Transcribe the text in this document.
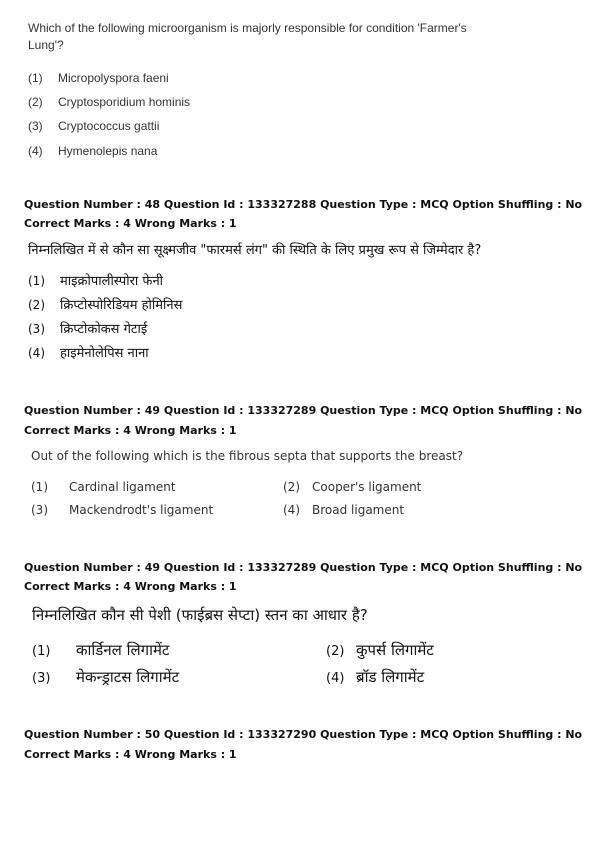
Which of the following microorganism is majorly responsible for condition 'Farmer's Lung'?
(1) Micropolyspora faeni
(2) Cryptosporidium hominis
(3) Cryptococcus gattii
(4) Hymenolepis nana
Question Number : 48 Question Id : 133327288 Question Type : MCQ Option Shuffling : No
Correct Marks : 4 Wrong Marks : 1
निम्नलिखित में से कौन सा सूक्ष्मजीव "फारमर्स लंग" की स्थिति के लिए प्रमुख रूप से जिम्मेदार है?
(1) माइक्रोपालीस्पोरा फेनी
(2) क्रिप्टोस्पोरिडियम होमिनिस
(3) क्रिप्टोकोकस गेटाई
(4) हाइमेनोलेपिस नाना
Question Number : 49 Question Id : 133327289 Question Type : MCQ Option Shuffling : No
Correct Marks : 4 Wrong Marks : 1
Out of the following which is the fibrous septa that supports the breast?
(1) Cardinal ligament	(2) Cooper's ligament
(3) Mackendrodt's ligament	(4) Broad ligament
Question Number : 49 Question Id : 133327289 Question Type : MCQ Option Shuffling : No
Correct Marks : 4 Wrong Marks : 1
निम्नलिखित कौन सी पेशी (फाईब्रस सेप्टा) स्तन का आधार है?
(1) कार्डिनल लिगामेंट	(2) कुपर्स लिगामेंट
(3) मेकन्ड्राटस लिगामेंट	(4) ब्रॉड लिगामेंट
Question Number : 50 Question Id : 133327290 Question Type : MCQ Option Shuffling : No
Correct Marks : 4 Wrong Marks : 1
